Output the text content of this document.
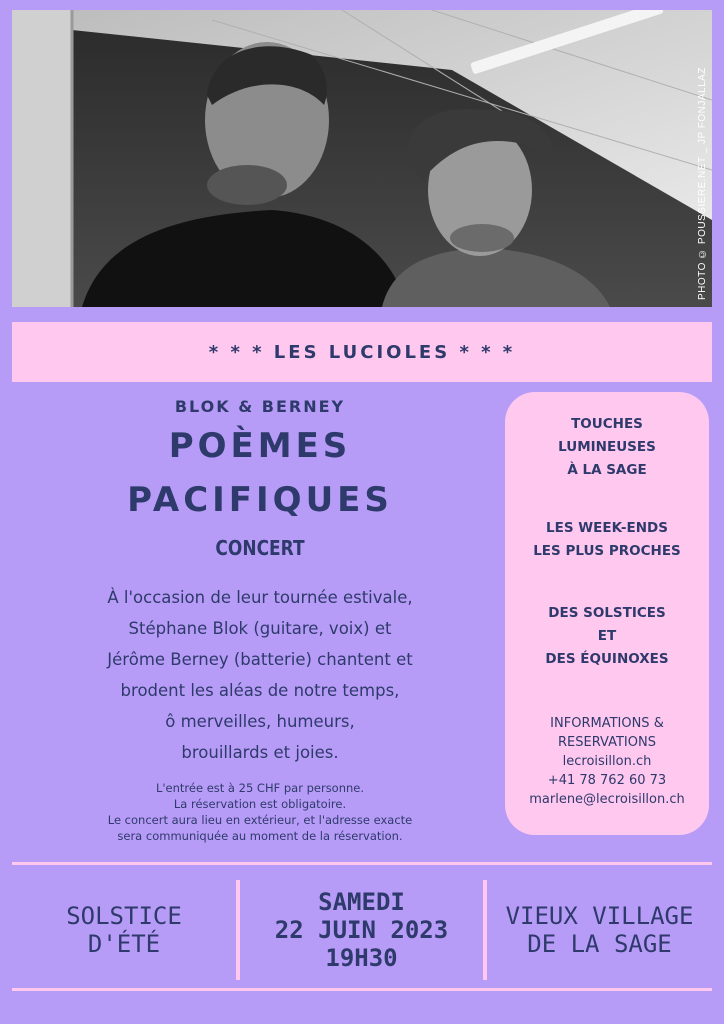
PHOTO © POUSSIERE.NET _ JP FONJALLAZ
* * * LES LUCIOLES * * *
BLOK & BERNEY
POÈMES
PACIFIQUES
CONCERT
À l'occasion de leur tournée estivale,
Stéphane Blok (guitare, voix) et
Jérôme Berney (batterie) chantent et
brodent les aléas de notre temps,
ô merveilles, humeurs,
brouillards et joies.
L'entrée est à 25 CHF par personne.
La réservation est obligatoire.
Le concert aura lieu en extérieur, et l'adresse exacte
sera communiquée au moment de la réservation.
TOUCHES
LUMINEUSES
À LA SAGE
LES WEEK-ENDS
LES PLUS PROCHES
DES SOLSTICES
ET
DES ÉQUINOXES
INFORMATIONS &
RESERVATIONS
lecroisillon.ch
+41 78 762 60 73
marlene@lecroisillon.ch
SOLSTICE
D'ÉTÉ
SAMEDI
22 JUIN 2023
19H30
VIEUX VILLAGE
DE LA SAGE
